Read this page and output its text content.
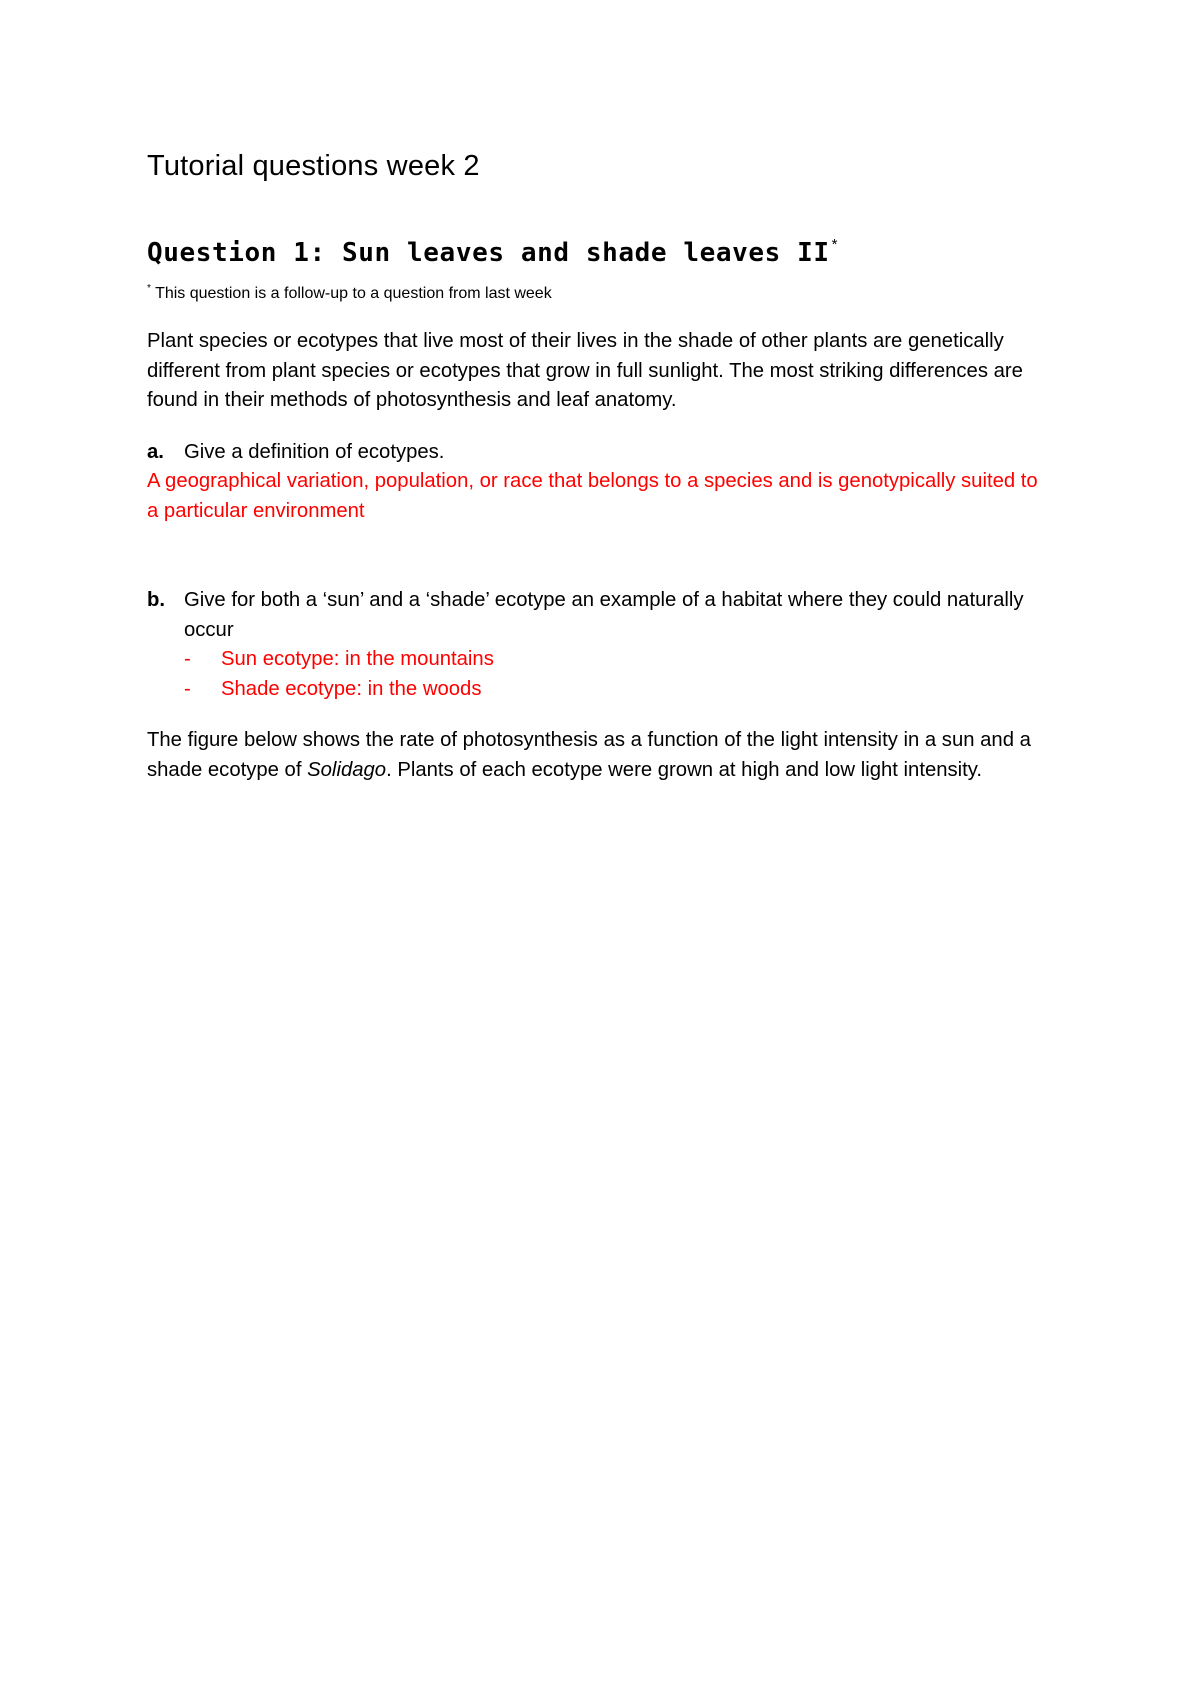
Tutorial questions week 2
Question 1: Sun leaves and shade leaves II *

* This question is a follow-up to a question from last week

Plant species or ecotypes that live most of their lives in the shade of other plants are genetically different from plant species or ecotypes that grow in full sunlight. The most striking differences are found in their methods of photosynthesis and leaf anatomy.

a. Give a definition of ecotypes.
A geographical variation, population, or race that belongs to a species and is genotypically suited to a particular environment
b. Give for both a ‘sun’ and a ‘shade’ ecotype an example of a habitat where they could naturally occur
-	Sun ecotype: in the mountains
-	Shade ecotype: in the woods

The figure below shows the rate of photosynthesis as a function of the light intensity in a sun and a shade ecotype of Solidago. Plants of each ecotype were grown at high and low light intensity.
